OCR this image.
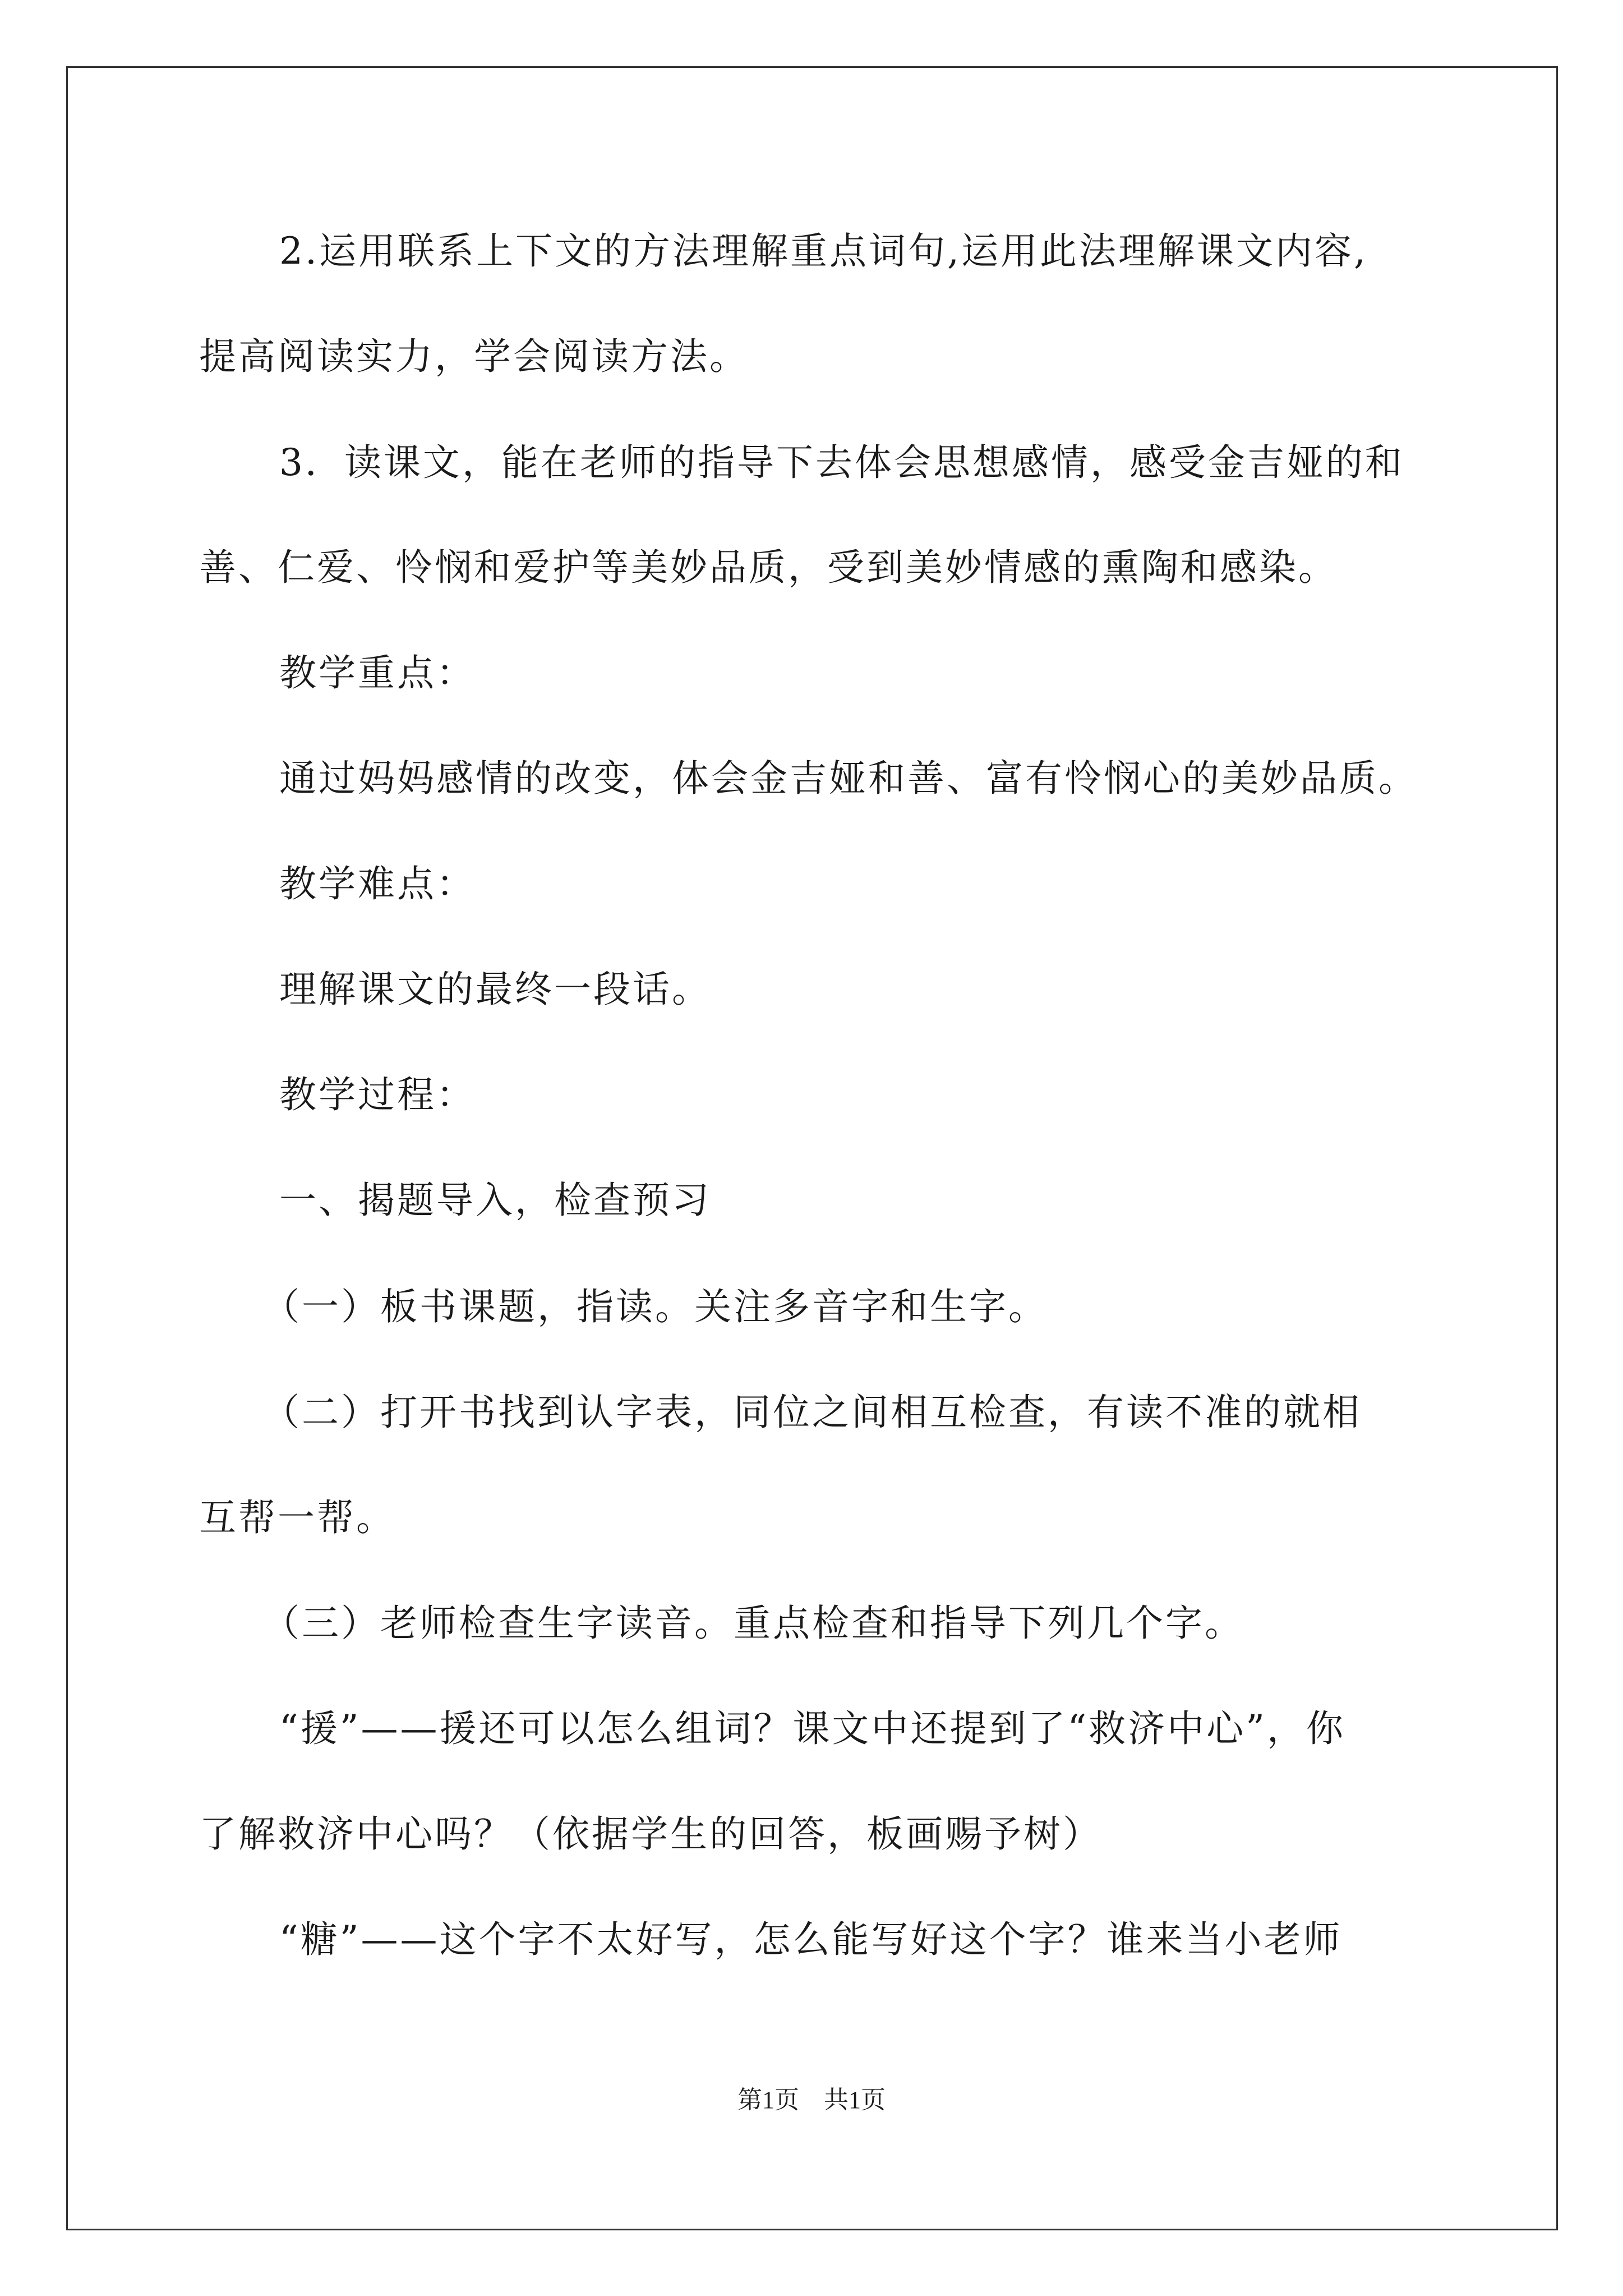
2.运用联系上下文的方法理解重点词句,运用此法理解课文内容,

提高阅读实力，学会阅读方法。

3．读课文，能在老师的指导下去体会思想感情，感受金吉娅的和

善、仁爱、怜悯和爱护等美妙品质，受到美妙情感的熏陶和感染。

教学重点：

通过妈妈感情的改变，体会金吉娅和善、富有怜悯心的美妙品质。

教学难点：

理解课文的最终一段话。

教学过程：

一、揭题导入，检查预习

（一）板书课题，指读。关注多音字和生字。

（二）打开书找到认字表，同位之间相互检查，有读不准的就相

互帮一帮。

（三）老师检查生字读音。重点检查和指导下列几个字。

“援”——援还可以怎么组词？课文中还提到了“救济中心”，你

了解救济中心吗？（依据学生的回答，板画赐予树）

“糖”——这个字不太好写，怎么能写好这个字？谁来当小老师

第1页　共1页
